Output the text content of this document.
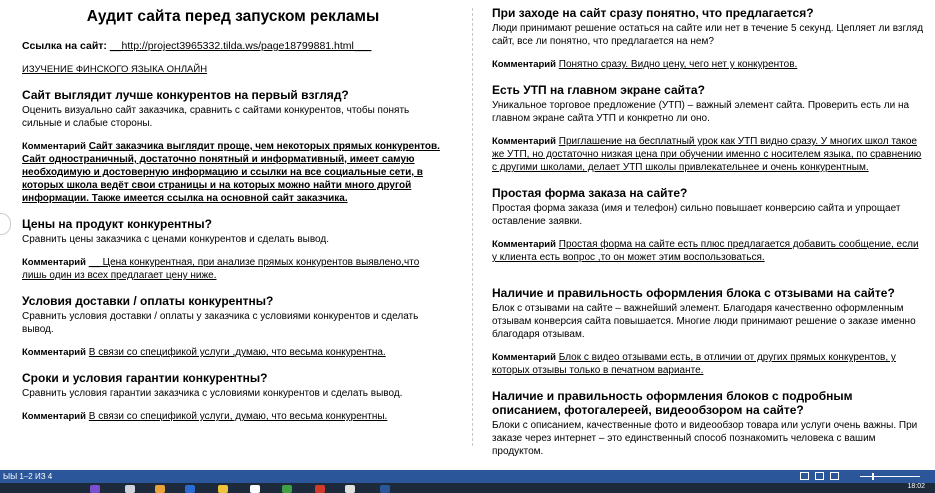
Аудит сайта перед запуском рекламы
Ссылка на сайт: __http://project3965332.tilda.ws/page18799881.html___
ИЗУЧЕНИЕ ФИНСКОГО ЯЗЫКА ОНЛАЙН
Сайт выглядит лучше конкурентов на первый взгляд?

Оценить визуально сайт заказчика, сравнить с сайтами конкурентов, чтобы понять сильные и слабые стороны.

Комментарий Сайт заказчика выглядит проще, чем некоторых прямых конкурентов. Сайт одностраничный, достаточно понятный и информативный, имеет самую необходимую и достоверную информацию и ссылки на все социальные сети, в которых школа ведёт свои страницы и на которых можно найти много другой информации. Также имеется ссылка на основной сайт заказчика.

Цены на продукт конкурентны?

Сравнить цены заказчика с ценами конкурентов и сделать вывод.

Комментарий __ Цена конкурентная, при анализе прямых конкурентов выявлено,что лишь один из всех предлагает цену ниже.

Условия доставки / оплаты конкурентны?

Сравнить условия доставки / оплаты у заказчика с условиями конкурентов и сделать вывод.

Комментарий В связи со спецификой услуги ,думаю, что весьма конкурентна.

Сроки и условия гарантии конкурентны?

Сравнить условия гарантии заказчика с условиями конкурентов и сделать вывод.

Комментарий В связи со спецификой услуги, думаю, что весьма конкурентны.

При заходе на сайт сразу понятно, что предлагается?

Люди принимают решение остаться на сайте или нет в течение 5 секунд. Цепляет ли взгляд сайт, все ли понятно, что предлагается на нем?

Комментарий Понятно сразу. Видно цену, чего нет у конкурентов.

Есть УТП на главном экране сайта?

Уникальное торговое предложение (УТП) – важный элемент сайта. Проверить есть ли на главном экране сайта УТП и конкретно ли оно.

Комментарий Приглашение на бесплатный урок как УТП видно сразу. У многих школ такое же УТП, но достаточно низкая цена при обучении именно с носителем языка, по сравнению с другими школами, делает УТП школы привлекательнее и очень конкурентным.

Простая форма заказа на сайте?

Простая форма заказа (имя и телефон) сильно повышает конверсию сайта и упрощает оставление заявки.

Комментарий Простая форма на сайте есть плюс предлагается добавить сообщение, если у клиента есть вопрос ,то он может этим воспользоваться.

Наличие и правильность оформления блока с отзывами на сайте?

Блок с отзывами на сайте – важнейший элемент. Благодаря качественно оформленным отзывам конверсия сайта повышается. Многие люди принимают решение о заказе именно благодаря отзывам.

Комментарий Блок с видео отзывами есть, в отличии от других прямых конкурентов, у которых отзывы только в печатном варианте.

Наличие и правильность оформления блоков с подробным описанием, фотогалереей, видеообзором на сайте?

Блоки с описанием, качественные фото и видеообзор товара или услуги очень важны. При заказе через интернет – это единственный способ познакомить человека с вашим продуктом.

ЫЫ 1–2 ИЗ 4

18:02
